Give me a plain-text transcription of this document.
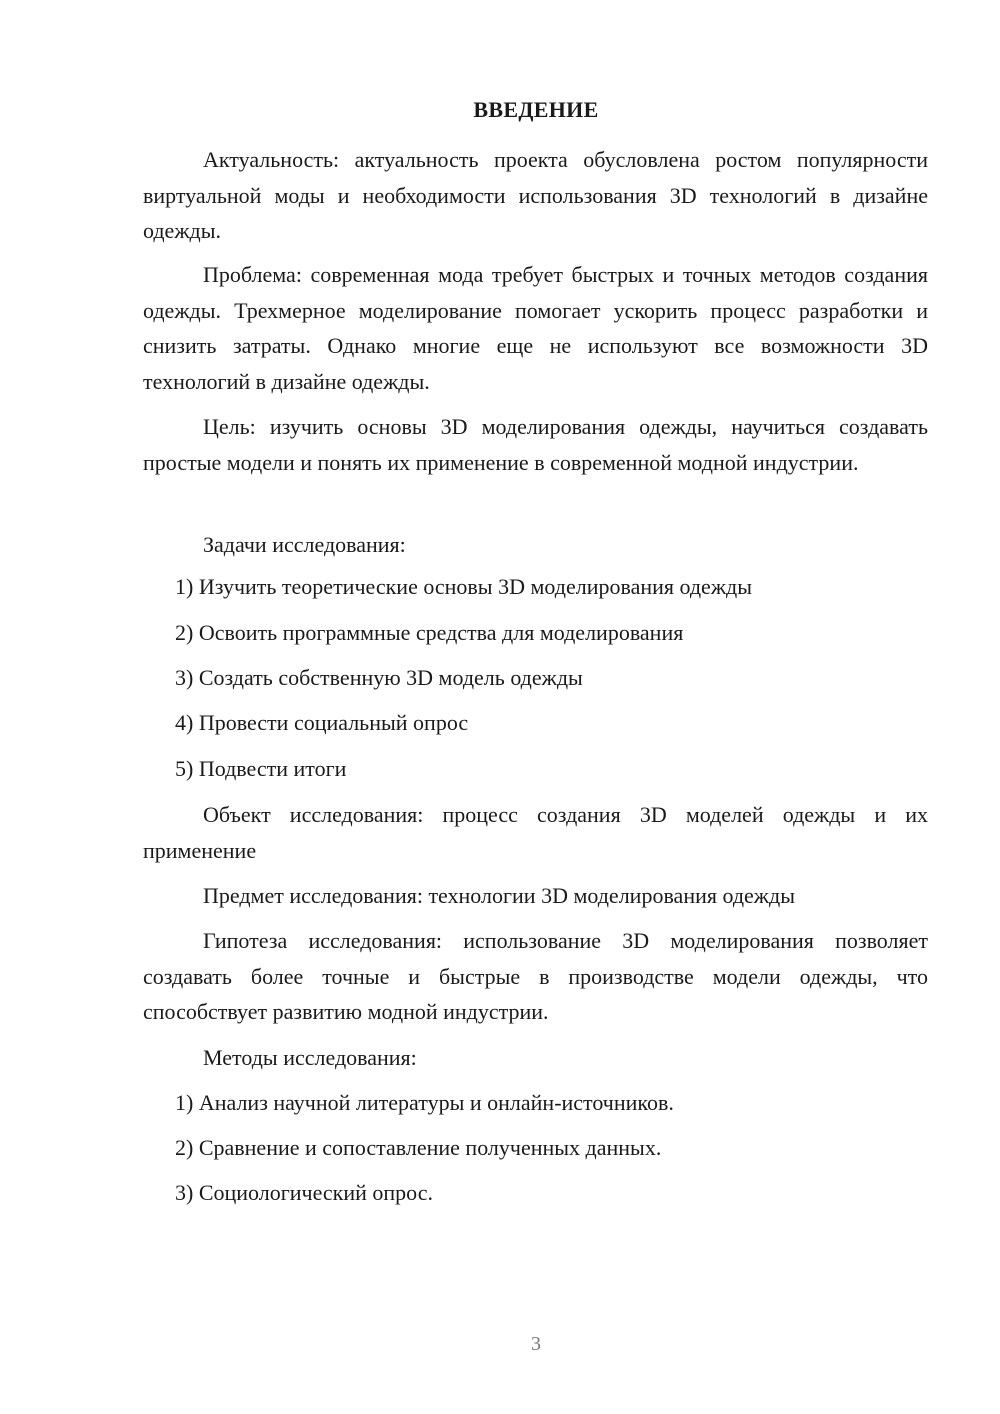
ВВЕДЕНИЕ

Актуальность: актуальность проекта обусловлена ростом популярности виртуальной моды и необходимости использования 3D технологий в дизайне одежды.

Проблема: современная мода требует быстрых и точных методов создания одежды. Трехмерное моделирование помогает ускорить процесс разработки и снизить затраты. Однако многие еще не используют все возможности 3D технологий в дизайне одежды.

Цель: изучить основы 3D моделирования одежды, научиться создавать простые модели и понять их применение в современной модной индустрии.

Задачи исследования:

1) Изучить теоретические основы 3D моделирования одежды

2) Освоить программные средства для моделирования

3) Создать собственную 3D модель одежды

4) Провести социальный опрос

5) Подвести итоги

Объект исследования: процесс создания 3D моделей одежды и их применение

Предмет исследования: технологии 3D моделирования одежды

Гипотеза исследования: использование 3D моделирования позволяет создавать более точные и быстрые в производстве модели одежды, что способствует развитию модной индустрии.

Методы исследования:

1) Анализ научной литературы и онлайн-источников.

2) Сравнение и сопоставление полученных данных.

3) Социологический опрос.

3
